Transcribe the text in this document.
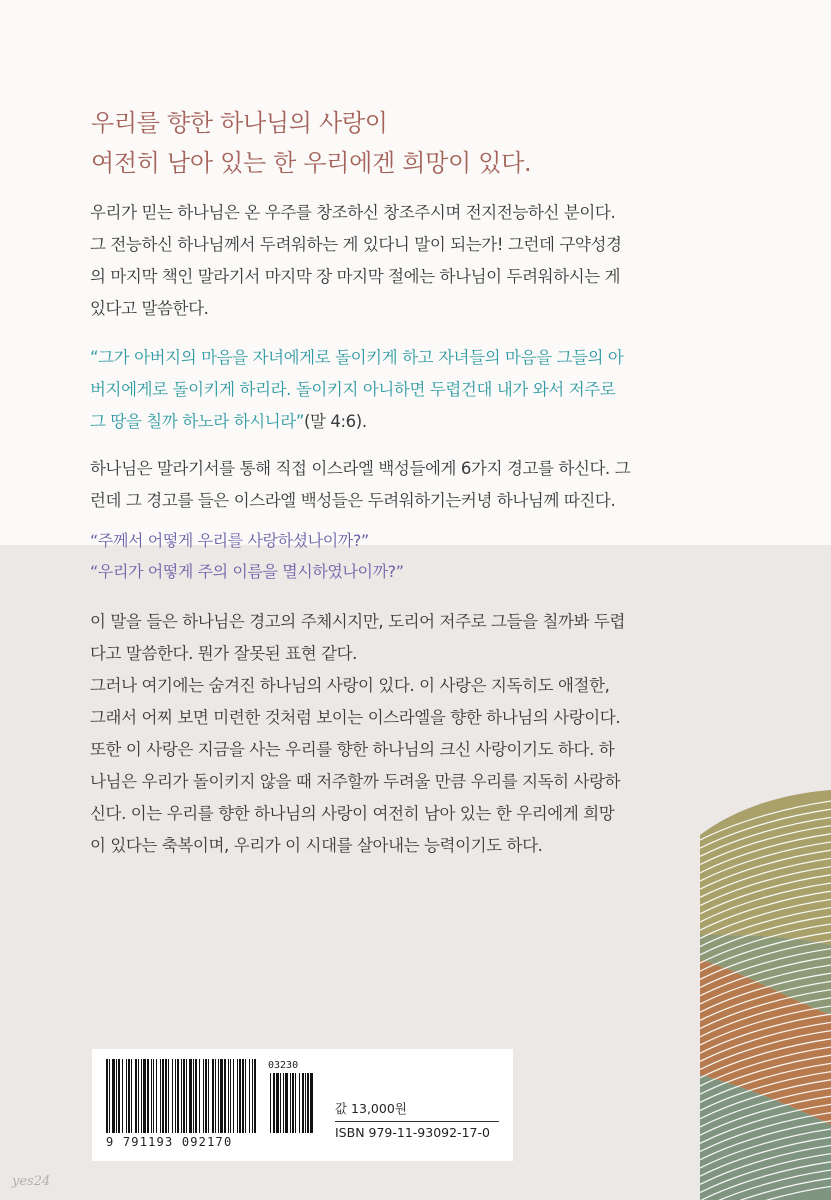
우리를 향한 하나님의 사랑이
여전히 남아 있는 한 우리에겐 희망이 있다.
우리가 믿는 하나님은 온 우주를 창조하신 창조주시며 전지전능하신 분이다.
그 전능하신 하나님께서 두려워하는 게 있다니 말이 되는가! 그런데 구약성경
의 마지막 책인 말라기서 마지막 장 마지막 절에는 하나님이 두려워하시는 게
있다고 말씀한다.
“그가 아버지의 마음을 자녀에게로 돌이키게 하고 자녀들의 마음을 그들의 아
버지에게로 돌이키게 하리라. 돌이키지 아니하면 두렵건대 내가 와서 저주로
그 땅을 칠까 하노라 하시니라”(말 4:6).
하나님은 말라기서를 통해 직접 이스라엘 백성들에게 6가지 경고를 하신다. 그
런데 그 경고를 들은 이스라엘 백성들은 두려워하기는커녕 하나님께 따진다.
“주께서 어떻게 우리를 사랑하셨나이까?”
“우리가 어떻게 주의 이름을 멸시하였나이까?”
이 말을 들은 하나님은 경고의 주체시지만, 도리어 저주로 그들을 칠까봐 두렵
다고 말씀한다. 뭔가 잘못된 표현 같다.
그러나 여기에는 숨겨진 하나님의 사랑이 있다. 이 사랑은 지독히도 애절한,
그래서 어찌 보면 미련한 것처럼 보이는 이스라엘을 향한 하나님의 사랑이다.
또한 이 사랑은 지금을 사는 우리를 향한 하나님의 크신 사랑이기도 하다. 하
나님은 우리가 돌이키지 않을 때 저주할까 두려울 만큼 우리를 지독히 사랑하
신다. 이는 우리를 향한 하나님의 사랑이 여전히 남아 있는 한 우리에게 희망
이 있다는 축복이며, 우리가 이 시대를 살아내는 능력이기도 하다.
03230
9 791193 092170
값 13,000원
ISBN 979-11-93092-17-0
yes24
